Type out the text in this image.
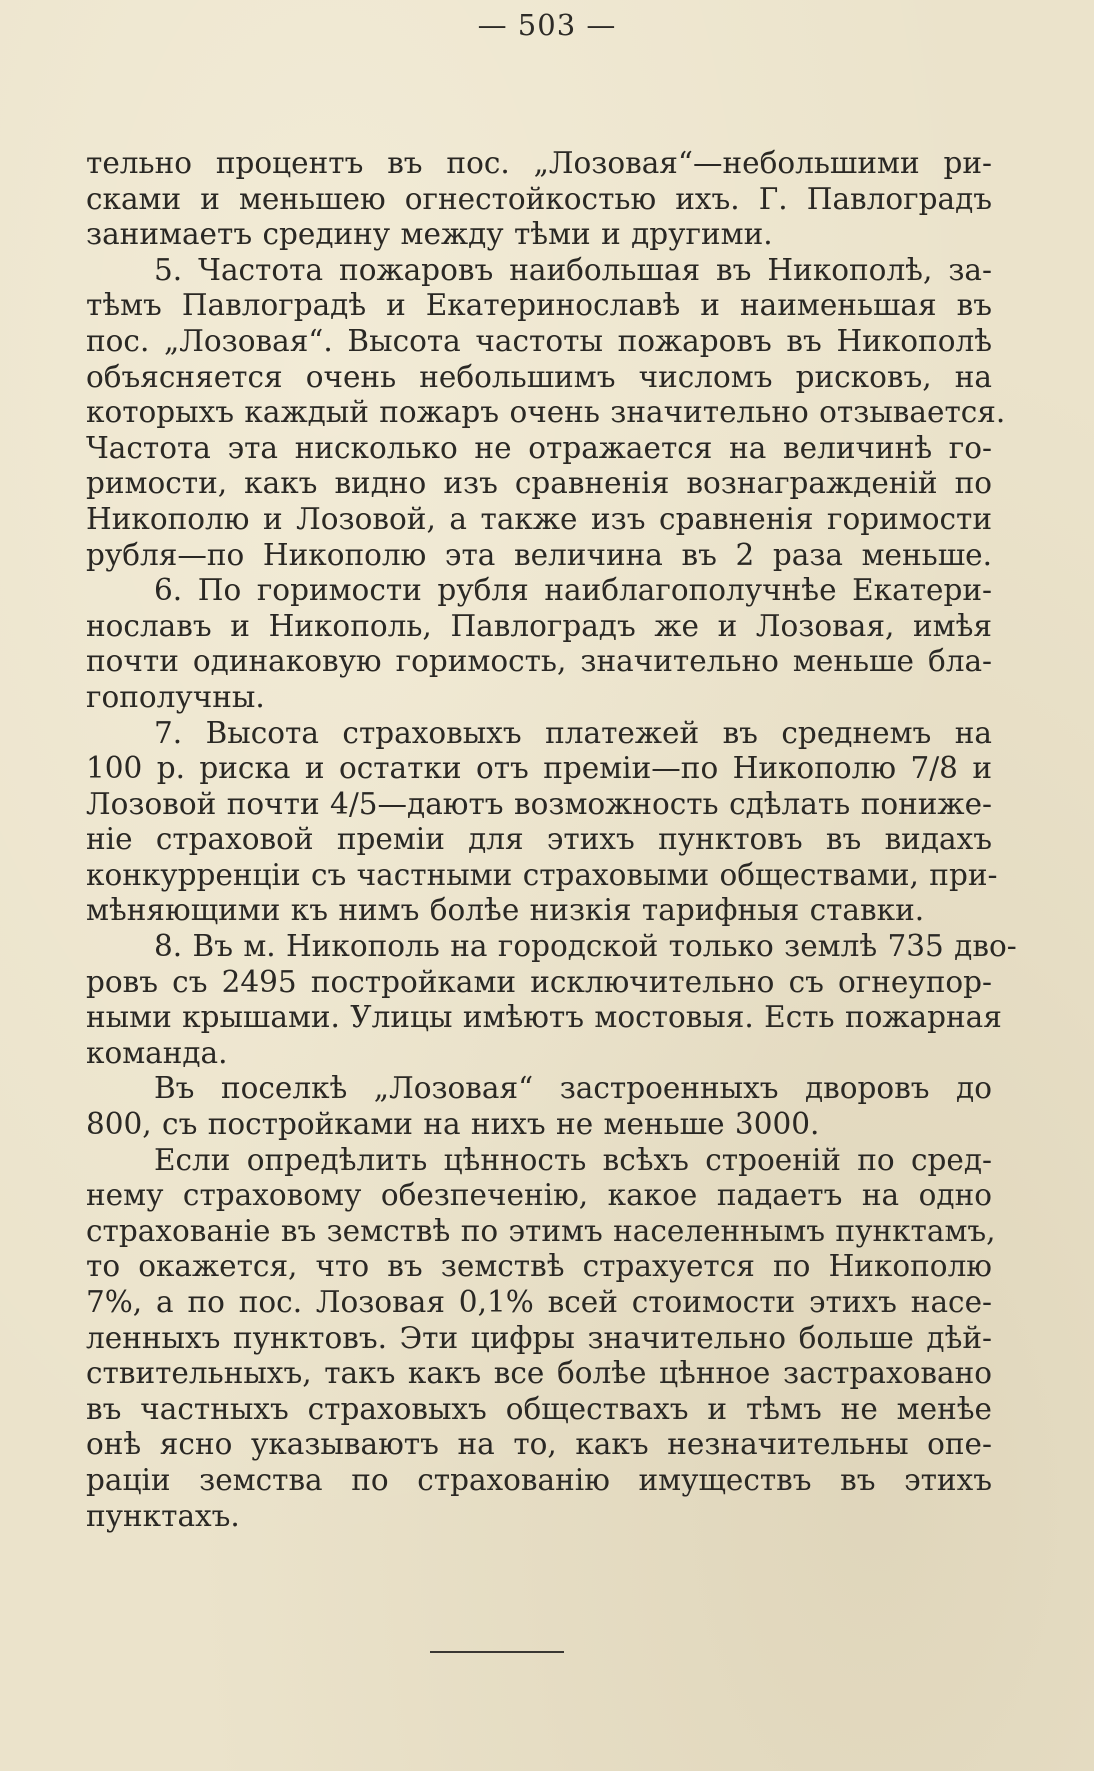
— 503 —
тельно процентъ въ пос. „Лозовая“—небольшими ри-
сками и меньшею огнестойкостью ихъ. Г. Павлоградъ
занимаетъ средину между тѣми и другими.
5. Частота пожаровъ наибольшая въ Никополѣ, за-
тѣмъ Павлоградѣ и Екатеринославѣ и наименьшая въ
пос. „Лозовая“. Высота частоты пожаровъ въ Никополѣ
объясняется очень небольшимъ числомъ рисковъ, на
которыхъ каждый пожаръ очень значительно отзывается.
Частота эта нисколько не отражается на величинѣ го-
римости, какъ видно изъ сравненія вознагражденій по
Никополю и Лозовой, а также изъ сравненія горимости
рубля—по Никополю эта величина въ 2 раза меньше.
6. По горимости рубля наиблагополучнѣе Екатери-
нославъ и Никополь, Павлоградъ же и Лозовая, имѣя
почти одинаковую горимость, значительно меньше бла-
гополучны.
7. Высота страховыхъ платежей въ среднемъ на
100 р. риска и остатки отъ преміи—по Никополю 7/8 и
Лозовой почти 4/5—даютъ возможность сдѣлать пониже-
ніе страховой преміи для этихъ пунктовъ въ видахъ
конкурренціи съ частными страховыми обществами, при-
мѣняющими къ нимъ болѣе низкія тарифныя ставки.
8. Въ м. Никополь на городской только землѣ 735 дво-
ровъ съ 2495 постройками исключительно съ огнеупор-
ными крышами. Улицы имѣютъ мостовыя. Есть пожарная
команда.
Въ поселкѣ „Лозовая“ застроенныхъ дворовъ до
800, съ постройками на нихъ не меньше 3000.
Если опредѣлить цѣнность всѣхъ строеній по сред-
нему страховому обезпеченію, какое падаетъ на одно
страхованіе въ земствѣ по этимъ населеннымъ пунктамъ,
то окажется, что въ земствѣ страхуется по Никополю
7%, а по пос. Лозовая 0,1% всей стоимости этихъ насе-
ленныхъ пунктовъ. Эти цифры значительно больше дѣй-
ствительныхъ, такъ какъ все болѣе цѣнное застраховано
въ частныхъ страховыхъ обществахъ и тѣмъ не менѣе
онѣ ясно указываютъ на то, какъ незначительны опе-
раціи земства по страхованію имуществъ въ этихъ
пунктахъ.
